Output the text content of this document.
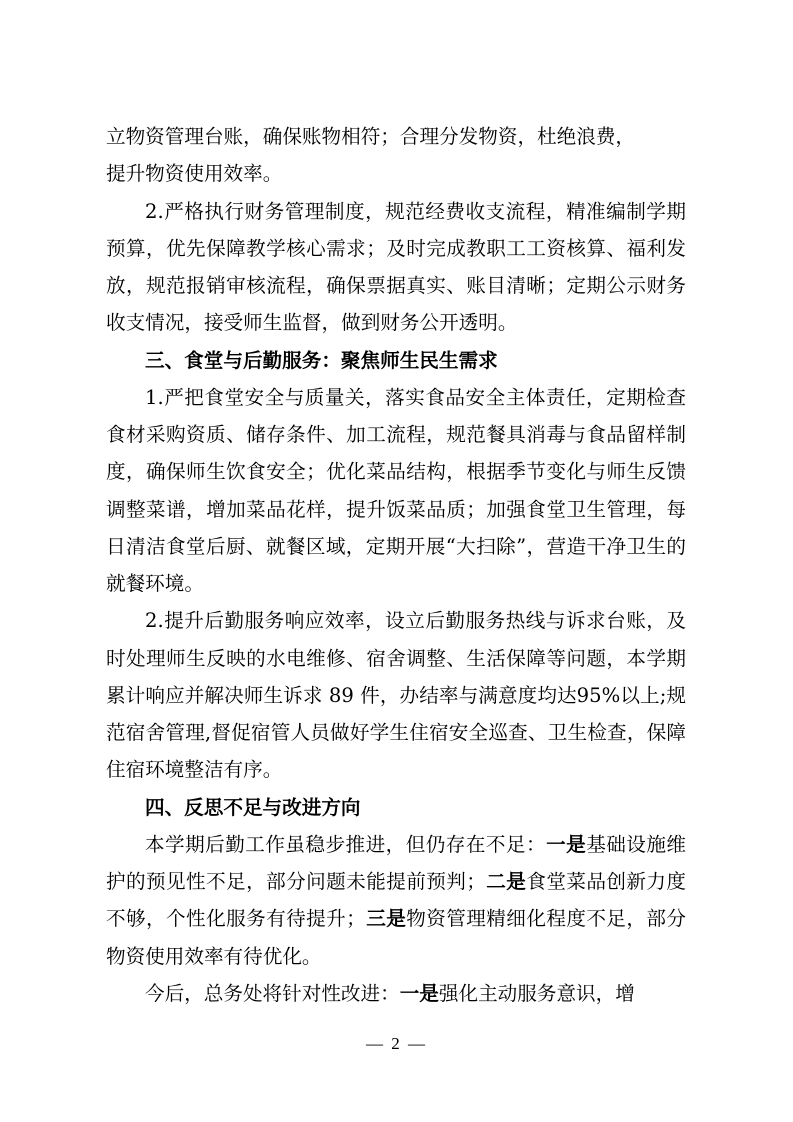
立物资管理台账，确保账物相符；合理分发物资，杜绝浪费，

提升物资使用效率。

2.严格执行财务管理制度，规范经费收支流程，精准编制学期预算，优先保障教学核心需求；及时完成教职工工资核算、福利发放，规范报销审核流程，确保票据真实、账目清晰；定期公示财务收支情况，接受师生监督，做到财务公开透明。

三、食堂与后勤服务：聚焦师生民生需求

1.严把食堂安全与质量关，落实食品安全主体责任，定期检查食材采购资质、储存条件、加工流程，规范餐具消毒与食品留样制度，确保师生饮食安全；优化菜品结构，根据季节变化与师生反馈调整菜谱，增加菜品花样，提升饭菜品质；加强食堂卫生管理，每日清洁食堂后厨、就餐区域，定期开展“大扫除”，营造干净卫生的就餐环境。

2.提升后勤服务响应效率，设立后勤服务热线与诉求台账，及时处理师生反映的水电维修、宿舍调整、生活保障等问题，本学期累计响应并解决师生诉求 89 件，办结率与满意度均达95%以上;规范宿舍管理,督促宿管人员做好学生住宿安全巡查、卫生检查，保障住宿环境整洁有序。

四、反思不足与改进方向

本学期后勤工作虽稳步推进，但仍存在不足：一是基础设施维护的预见性不足，部分问题未能提前预判；二是食堂菜品创新力度不够，个性化服务有待提升；三是物资管理精细化程度不足，部分物资使用效率有待优化。

今后，总务处将针对性改进：一是强化主动服务意识，增

— 2 —
